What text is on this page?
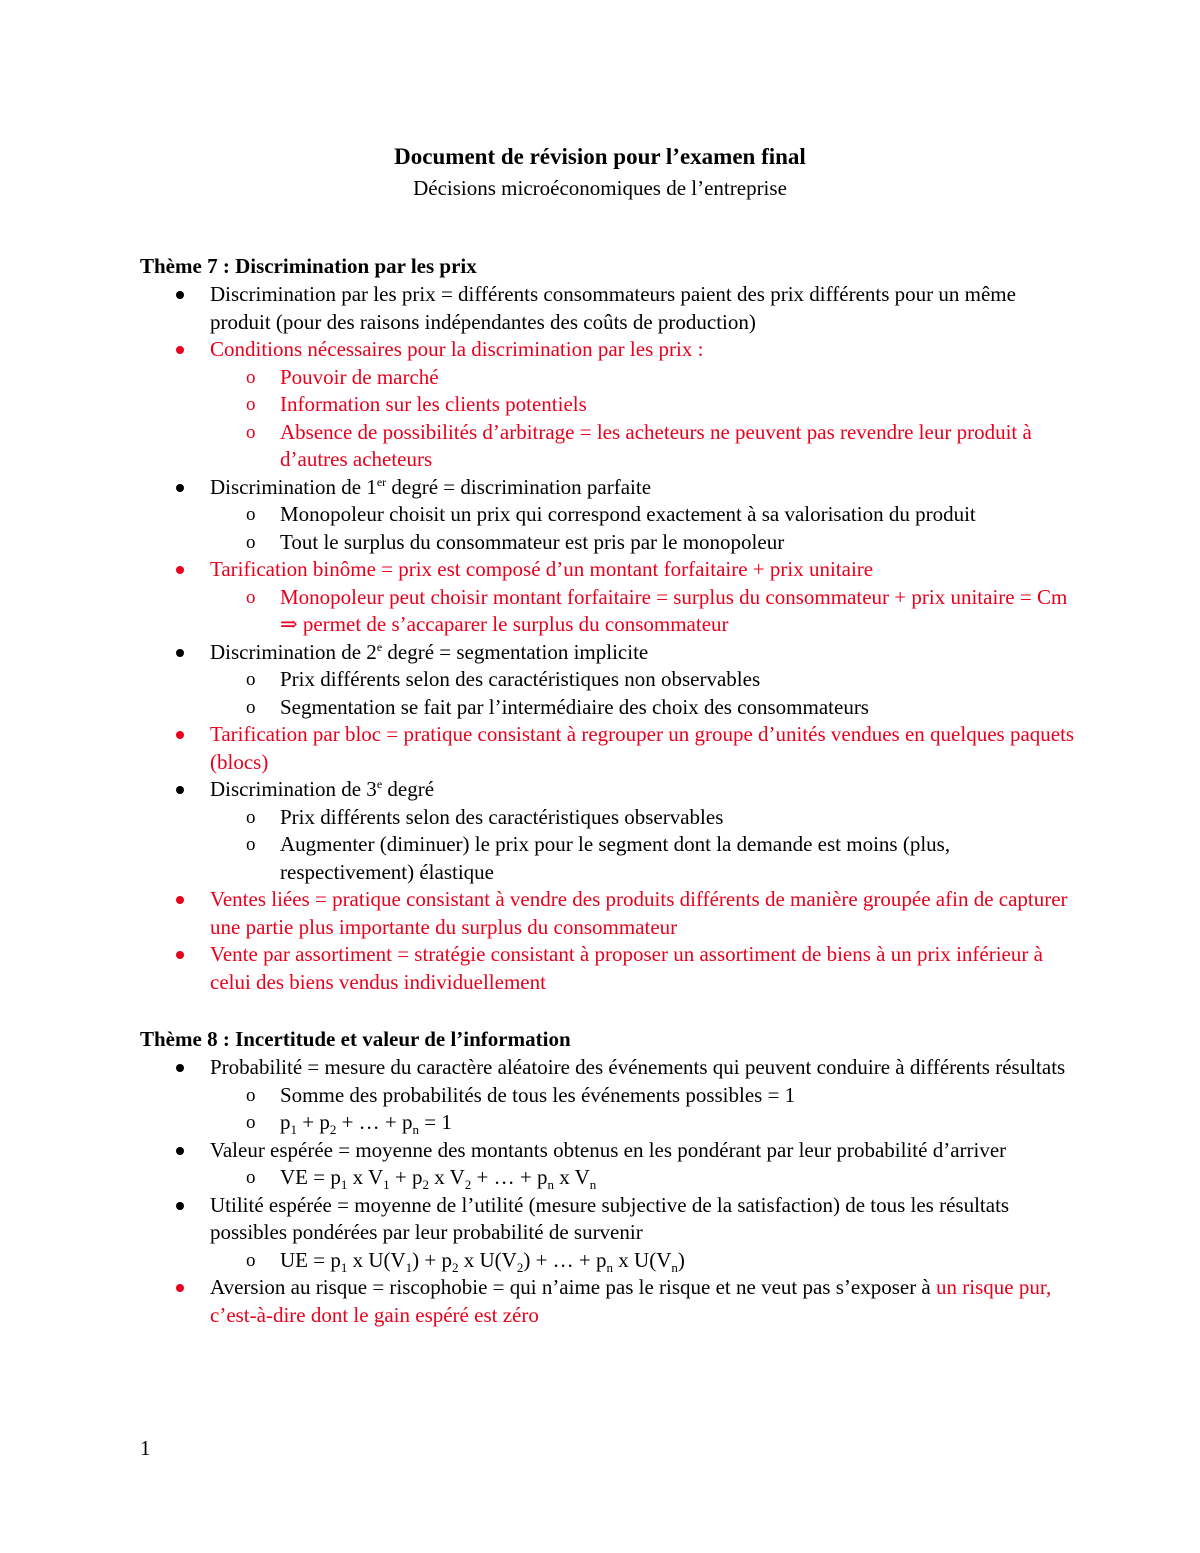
Document de révision pour l’examen final

Décisions microéconomiques de l’entreprise

Thème 7 : Discrimination par les prix

Discrimination par les prix = différents consommateurs paient des prix différents pour un même produit (pour des raisons indépendantes des coûts de production)
Conditions nécessaires pour la discrimination par les prix :
o Pouvoir de marché
o Information sur les clients potentiels
o Absence de possibilités d’arbitrage = les acheteurs ne peuvent pas revendre leur produit à d’autres acheteurs
Discrimination de 1er degré = discrimination parfaite
o Monopoleur choisit un prix qui correspond exactement à sa valorisation du produit
o Tout le surplus du consommateur est pris par le monopoleur
Tarification binôme = prix est composé d’un montant forfaitaire + prix unitaire
o Monopoleur peut choisir montant forfaitaire = surplus du consommateur + prix unitaire = Cm ⇒ permet de s’accaparer le surplus du consommateur
Discrimination de 2e degré = segmentation implicite
o Prix différents selon des caractéristiques non observables
o Segmentation se fait par l’intermédiaire des choix des consommateurs
Tarification par bloc = pratique consistant à regrouper un groupe d’unités vendues en quelques paquets (blocs)
Discrimination de 3e degré
o Prix différents selon des caractéristiques observables
o Augmenter (diminuer) le prix pour le segment dont la demande est moins (plus, respectivement) élastique
Ventes liées = pratique consistant à vendre des produits différents de manière groupée afin de capturer une partie plus importante du surplus du consommateur
Vente par assortiment = stratégie consistant à proposer un assortiment de biens à un prix inférieur à celui des biens vendus individuellement

Thème 8 : Incertitude et valeur de l’information

Probabilité = mesure du caractère aléatoire des événements qui peuvent conduire à différents résultats
o Somme des probabilités de tous les événements possibles = 1
o $p_1 + p_2$ + … + $p_n = 1$
Valeur espérée = moyenne des montants obtenus en les pondérant par leur probabilité d’arriver
o VE = $p_1$ x $V_1 + p_2$ x $V_2$ + … + $p_n$ x $V_n$
Utilité espérée = moyenne de l’utilité (mesure subjective de la satisfaction) de tous les résultats possibles pondérées par leur probabilité de survenir
o UE = $p_1$ x $U(V_1) + p_2$ x $U(V_2)$ + … + $p_n$ x $U(V_n)$
Aversion au risque = riscophobie = qui n’aime pas le risque et ne veut pas s’exposer à un risque pur, c’est-à-dire dont le gain espéré est zéro
1
